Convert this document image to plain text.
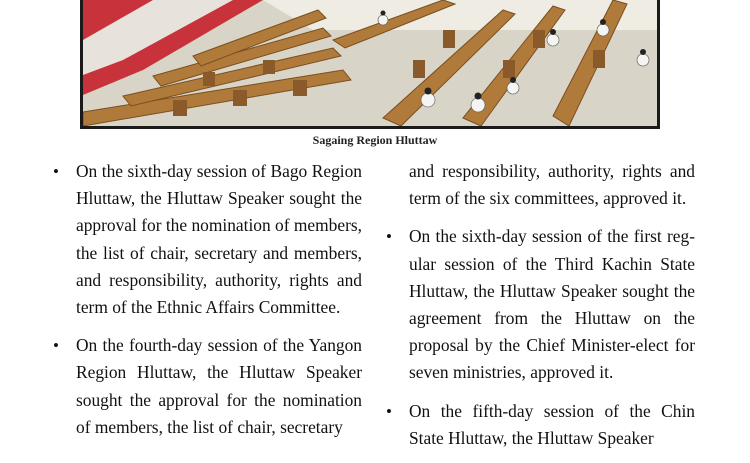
Sagaing Region Hluttaw

• On the sixth-day session of Bago Region Hluttaw, the Hluttaw Speaker sought the approval for the nomination of members, the list of chair, secretary and members, and responsibility, authority, rights and term of the Ethnic Affairs Committee.

• On the fourth-day session of the Yangon Region Hluttaw, the Hluttaw Speaker sought the approval for the nomination of members, the list of chair, secretary

and responsibility, authority, rights and term of the six committees, approved it.

• On the sixth-day session of the first regular session of the Third Kachin State Hluttaw, the Hluttaw Speaker sought the agreement from the Hluttaw on the proposal by the Chief Minister-elect for seven ministries, approved it.

• On the fifth-day session of the Chin State Hluttaw, the Hluttaw Speaker
